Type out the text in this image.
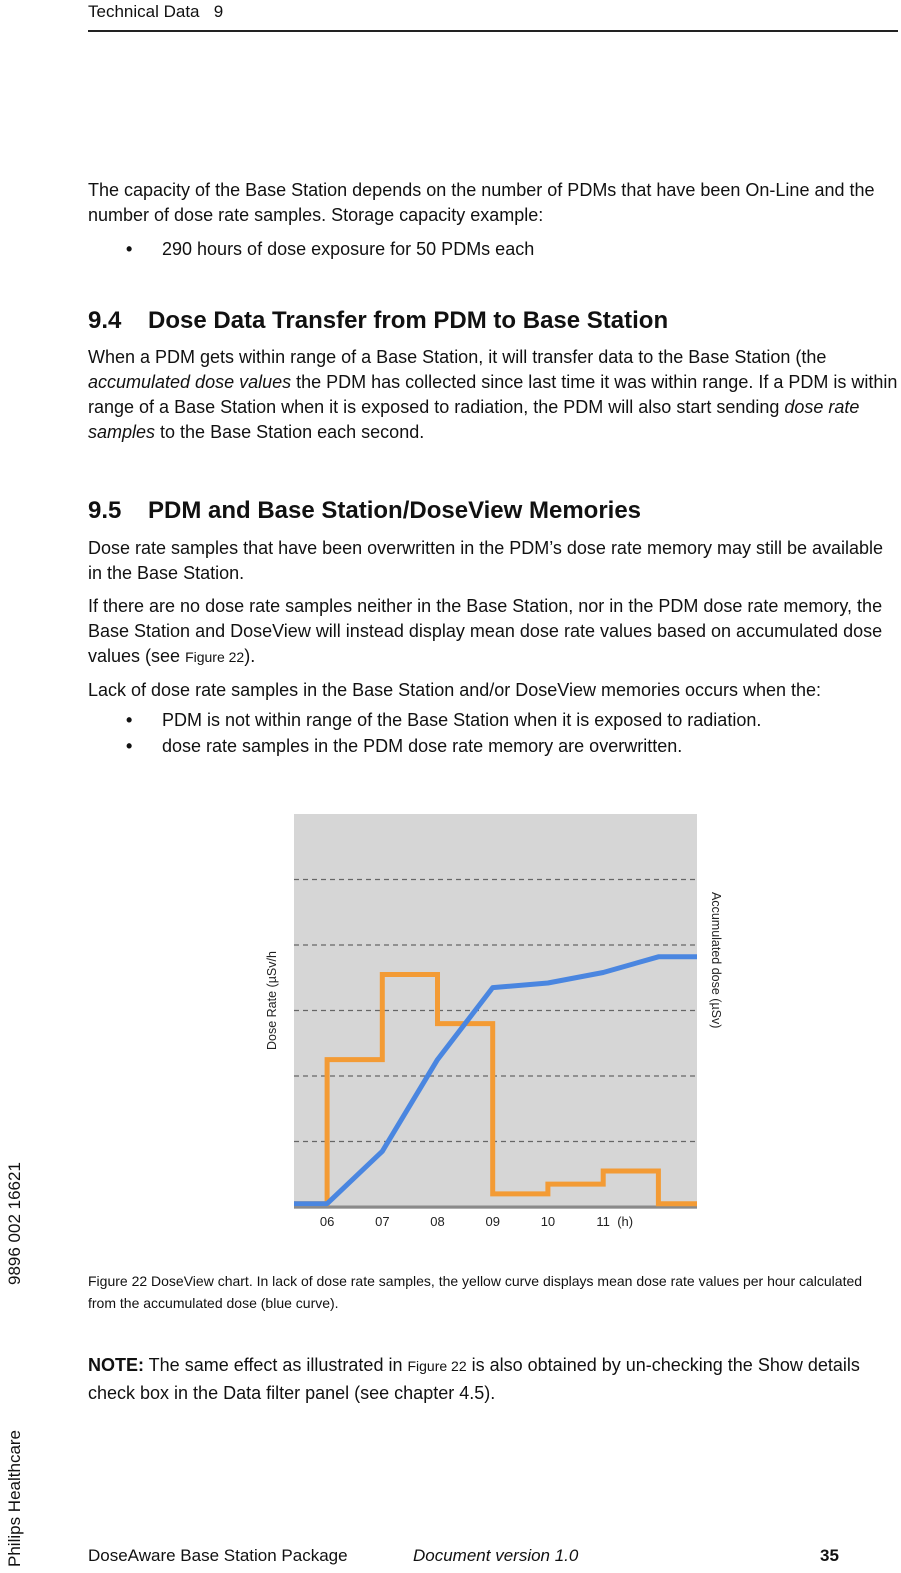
Technical Data 9
Philips Healthcare
9896 002 16621

The capacity of the Base Station depends on the number of PDMs that have been On-Line and the number of dose rate samples. Storage capacity example:

• 290 hours of dose exposure for 50 PDMs each
9.4 Dose Data Transfer from PDM to Base Station

When a PDM gets within range of a Base Station, it will transfer data to the Base Station (the accumulated dose values the PDM has collected since last time it was within range. If a PDM is within range of a Base Station when it is exposed to radiation, the PDM will also start sending dose rate samples to the Base Station each second.

9.5 PDM and Base Station/DoseView Memories

Dose rate samples that have been overwritten in the PDM’s dose rate memory may still be available in the Base Station.

If there are no dose rate samples neither in the Base Station, nor in the PDM dose rate memory, the Base Station and DoseView will instead display mean dose rate values based on accumulated dose values (see Figure 22).

Lack of dose rate samples in the Base Station and/or DoseView memories occurs when the:

• PDM is not within range of the Base Station when it is exposed to radiation.
• dose rate samples in the PDM dose rate memory are overwritten.
06	07	08	09	10	11 (h)
Dose Rate (µSv/h	Accumulated dose (µSv)
Figure 22 DoseView chart. In lack of dose rate samples, the yellow curve displays mean dose rate values per hour calculated from the accumulated dose (blue curve).
NOTE: The same effect as illustrated in Figure 22 is also obtained by un-checking the Show details check box in the Data filter panel (see chapter 4.5).
DoseAware Base Station Package	Document version 1.0	35
